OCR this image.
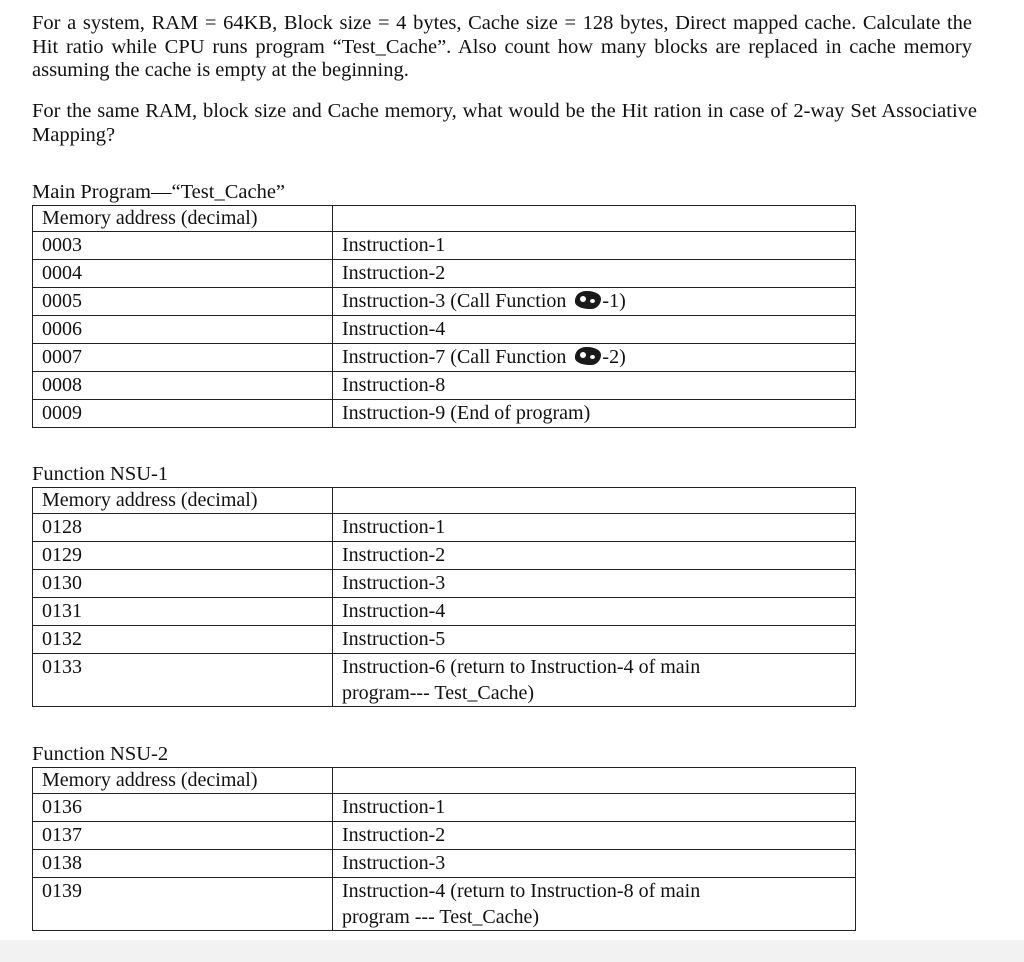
For a system, RAM = 64KB, Block size = 4 bytes, Cache size = 128 bytes, Direct mapped cache. Calculate the Hit ratio while CPU runs program “Test_Cache”. Also count how many blocks are replaced in cache memory assuming the cache is empty at the beginning.

For the same RAM, block size and Cache memory, what would be the Hit ration in case of 2-way Set Associative Mapping?

Main Program—“Test_Cache”

Memory address (decimal)	
0003	Instruction-1
0004	Instruction-2
0005	Instruction-3 (Call Function -1)
0006	Instruction-4
0007	Instruction-7 (Call Function -2)
0008	Instruction-8
0009	Instruction-9 (End of program)

Function NSU-1

Memory address (decimal)	
0128	Instruction-1
0129	Instruction-2
0130	Instruction-3
0131	Instruction-4
0132	Instruction-5
0133	Instruction-6 (return to Instruction-4 of main
program--- Test_Cache)

Function NSU-2

Memory address (decimal)	
0136	Instruction-1
0137	Instruction-2
0138	Instruction-3
0139	Instruction-4 (return to Instruction-8 of main
program --- Test_Cache)
